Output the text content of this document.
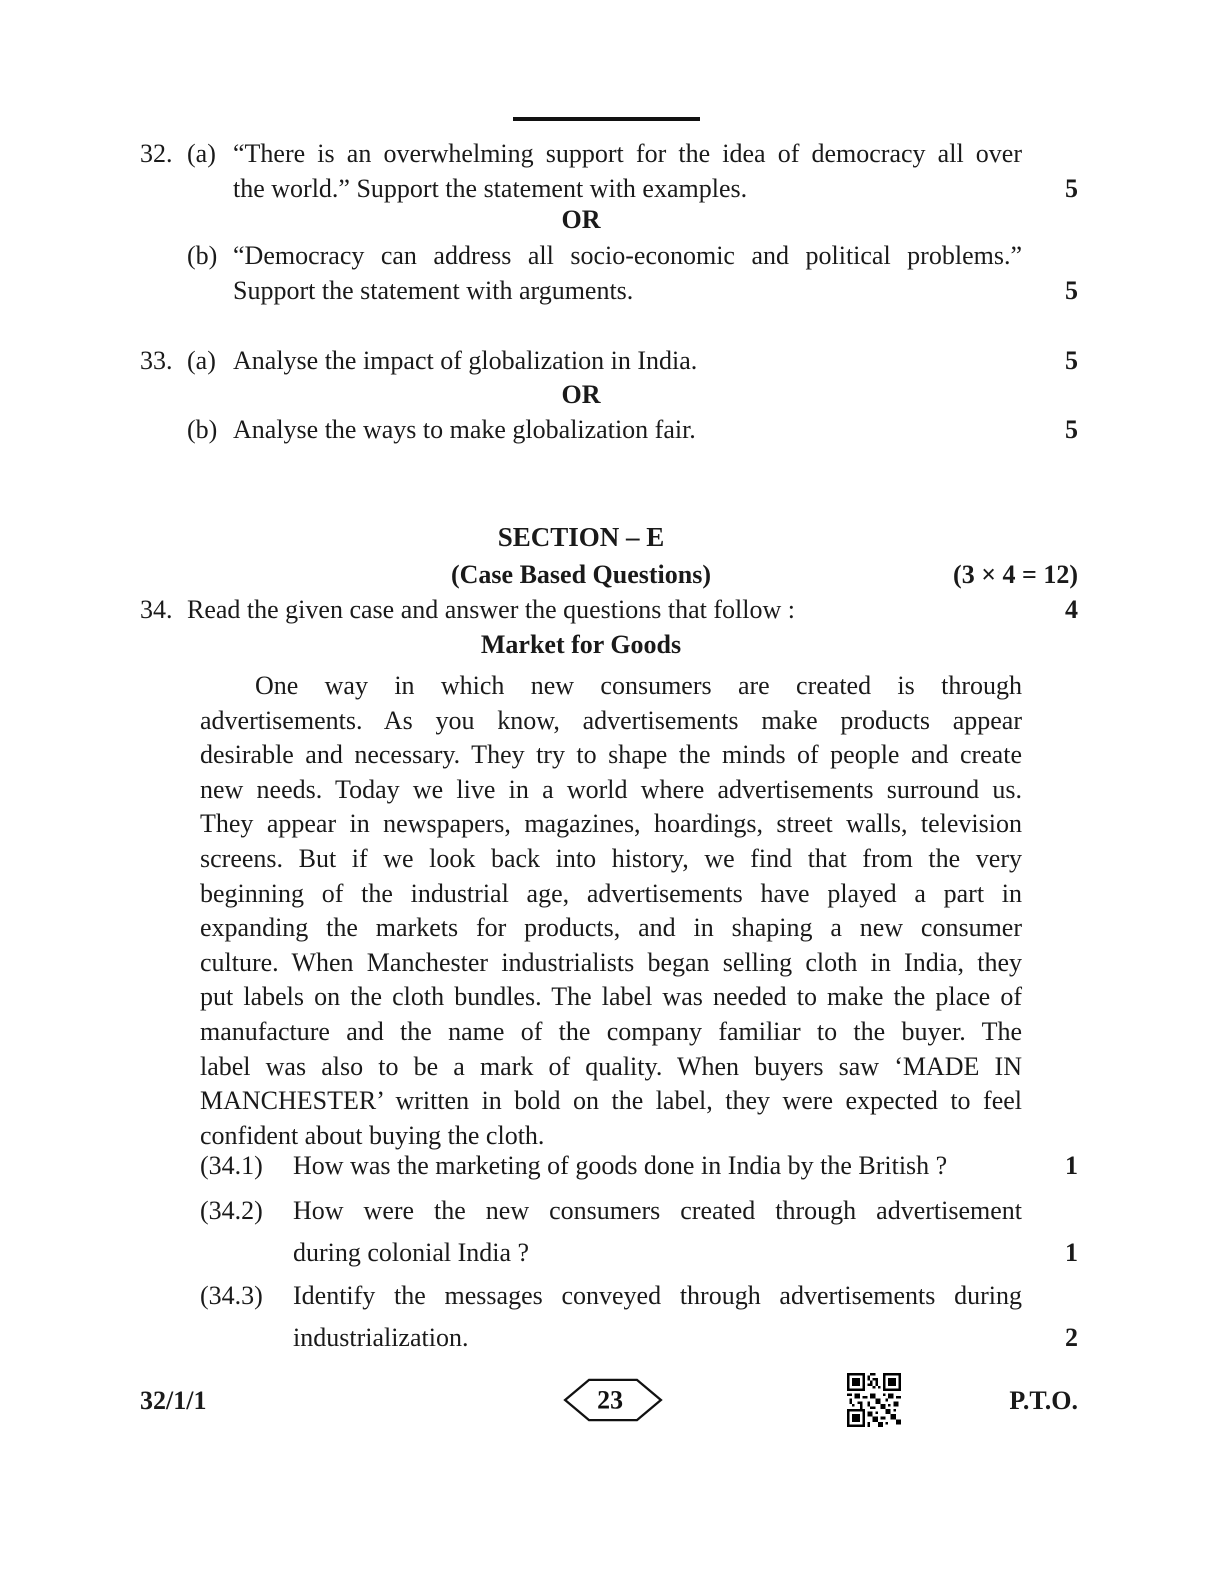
32. (a) “There is an overwhelming support for the idea of democracy all over
the world.” Support the statement with examples.	5
OR
(b) “Democracy can address all socio-economic and political problems.”
Support the statement with arguments.	5
33. (a) Analyse the impact of globalization in India.	5
OR
(b) Analyse the ways to make globalization fair.	5
SECTION – E
(Case Based Questions)	(3 × 4 = 12)
34. Read the given case and answer the questions that follow :	4
Market for Goods
One way in which new consumers are created is through
advertisements. As you know, advertisements make products appear
desirable and necessary. They try to shape the minds of people and create
new needs. Today we live in a world where advertisements surround us.
They appear in newspapers, magazines, hoardings, street walls, television
screens. But if we look back into history, we find that from the very
beginning of the industrial age, advertisements have played a part in
expanding the markets for products, and in shaping a new consumer
culture. When Manchester industrialists began selling cloth in India, they
put labels on the cloth bundles. The label was needed to make the place of
manufacture and the name of the company familiar to the buyer. The
label was also to be a mark of quality. When buyers saw ‘MADE IN
MANCHESTER’ written in bold on the label, they were expected to feel
confident about buying the cloth.
(34.1)	How was the marketing of goods done in India by the British ?	1
(34.2)	How were the new consumers created through advertisement
during colonial India ?	1
(34.3)	Identify the messages conveyed through advertisements during
industrialization.	2
32/1/1	P.T.O.
23
